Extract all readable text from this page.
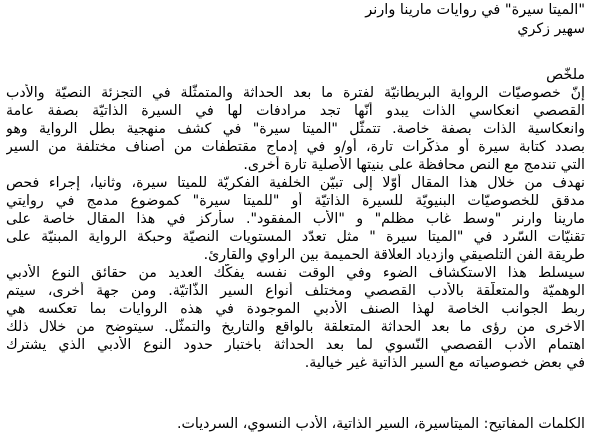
"الميتا سيرة" في روايات مارينا وارنر
سهير زكري
ملخّص
إنّ خصوصيّات الرواية البريطانيّة لفترة ما بعد الحداثة والمتمثّلة في التجزئة النصيّة والأدب
القصصي انعكاسي الذات يبدو أنّها تجد مرادفات لها في السيرة الذاتيّة بصفة عامة
وانعكاسية الذات بصفة خاصة. تتمثّل "الميتا سيرة" في كشف منهجية بطل الرواية وهو
بصدد كتابة سيرة أو مذكّرات تارة، أو/و في إدماج مقتطفات من أصناف مختلفة من السير
التي تندمج مع النص محافظة على بنيتها الأصلية تارة أخرى.
نهدف من خلال هذا المقال أوّلا إلى تبيّن الخلفية الفكريّة للميتا سيرة، وثانيا، إجراء فحص
مدقق للخصوصيّات البنيويّة للسيرة الذاتيّة أو "للميتا سيرة" كموضوع مدمج في روايتي
مارينا وارنر "وسط غاب مظلم" و "الأب المفقود". سأركز في هذا المقال خاصة على
تقنيّات السّرد في "الميتا سيرة " مثل تعدّد المستويات النصيّة وحبكة الرواية المبنيّة على
طريقة الفن التلصيقي وازدياد العلاقة الحميمة بين الراوي والقارئ.
سيسلط هذا الاستكشاف الضوء وفي الوقت نفسه يفكّك العديد من حقائق النوع الأدبي
الوهميّة والمتعلّقة بالأدب القصصي ومختلف أنواع السير الذّاتيّة. ومن جهة أخرى، سيتم
ربط الجوانب الخاصة لهذا الصنف الأدبي الموجودة في هذه الروايات بما تعكسه هي
الاخرى من رؤى ما بعد الحداثة المتعلقة بالواقع والتاريخ والتمثّل. سيتوضح من خلال ذلك
اهتمام الأدب القصصي النّسوي لما بعد الحداثة باختبار حدود النوع الأدبي الذي يشترك
في بعض خصوصياته مع السير الذاتية غير خيالية.
الكلمات المفاتيح: الميتاسيرة، السير الذاتية، الأدب النسوي، السرديات.
